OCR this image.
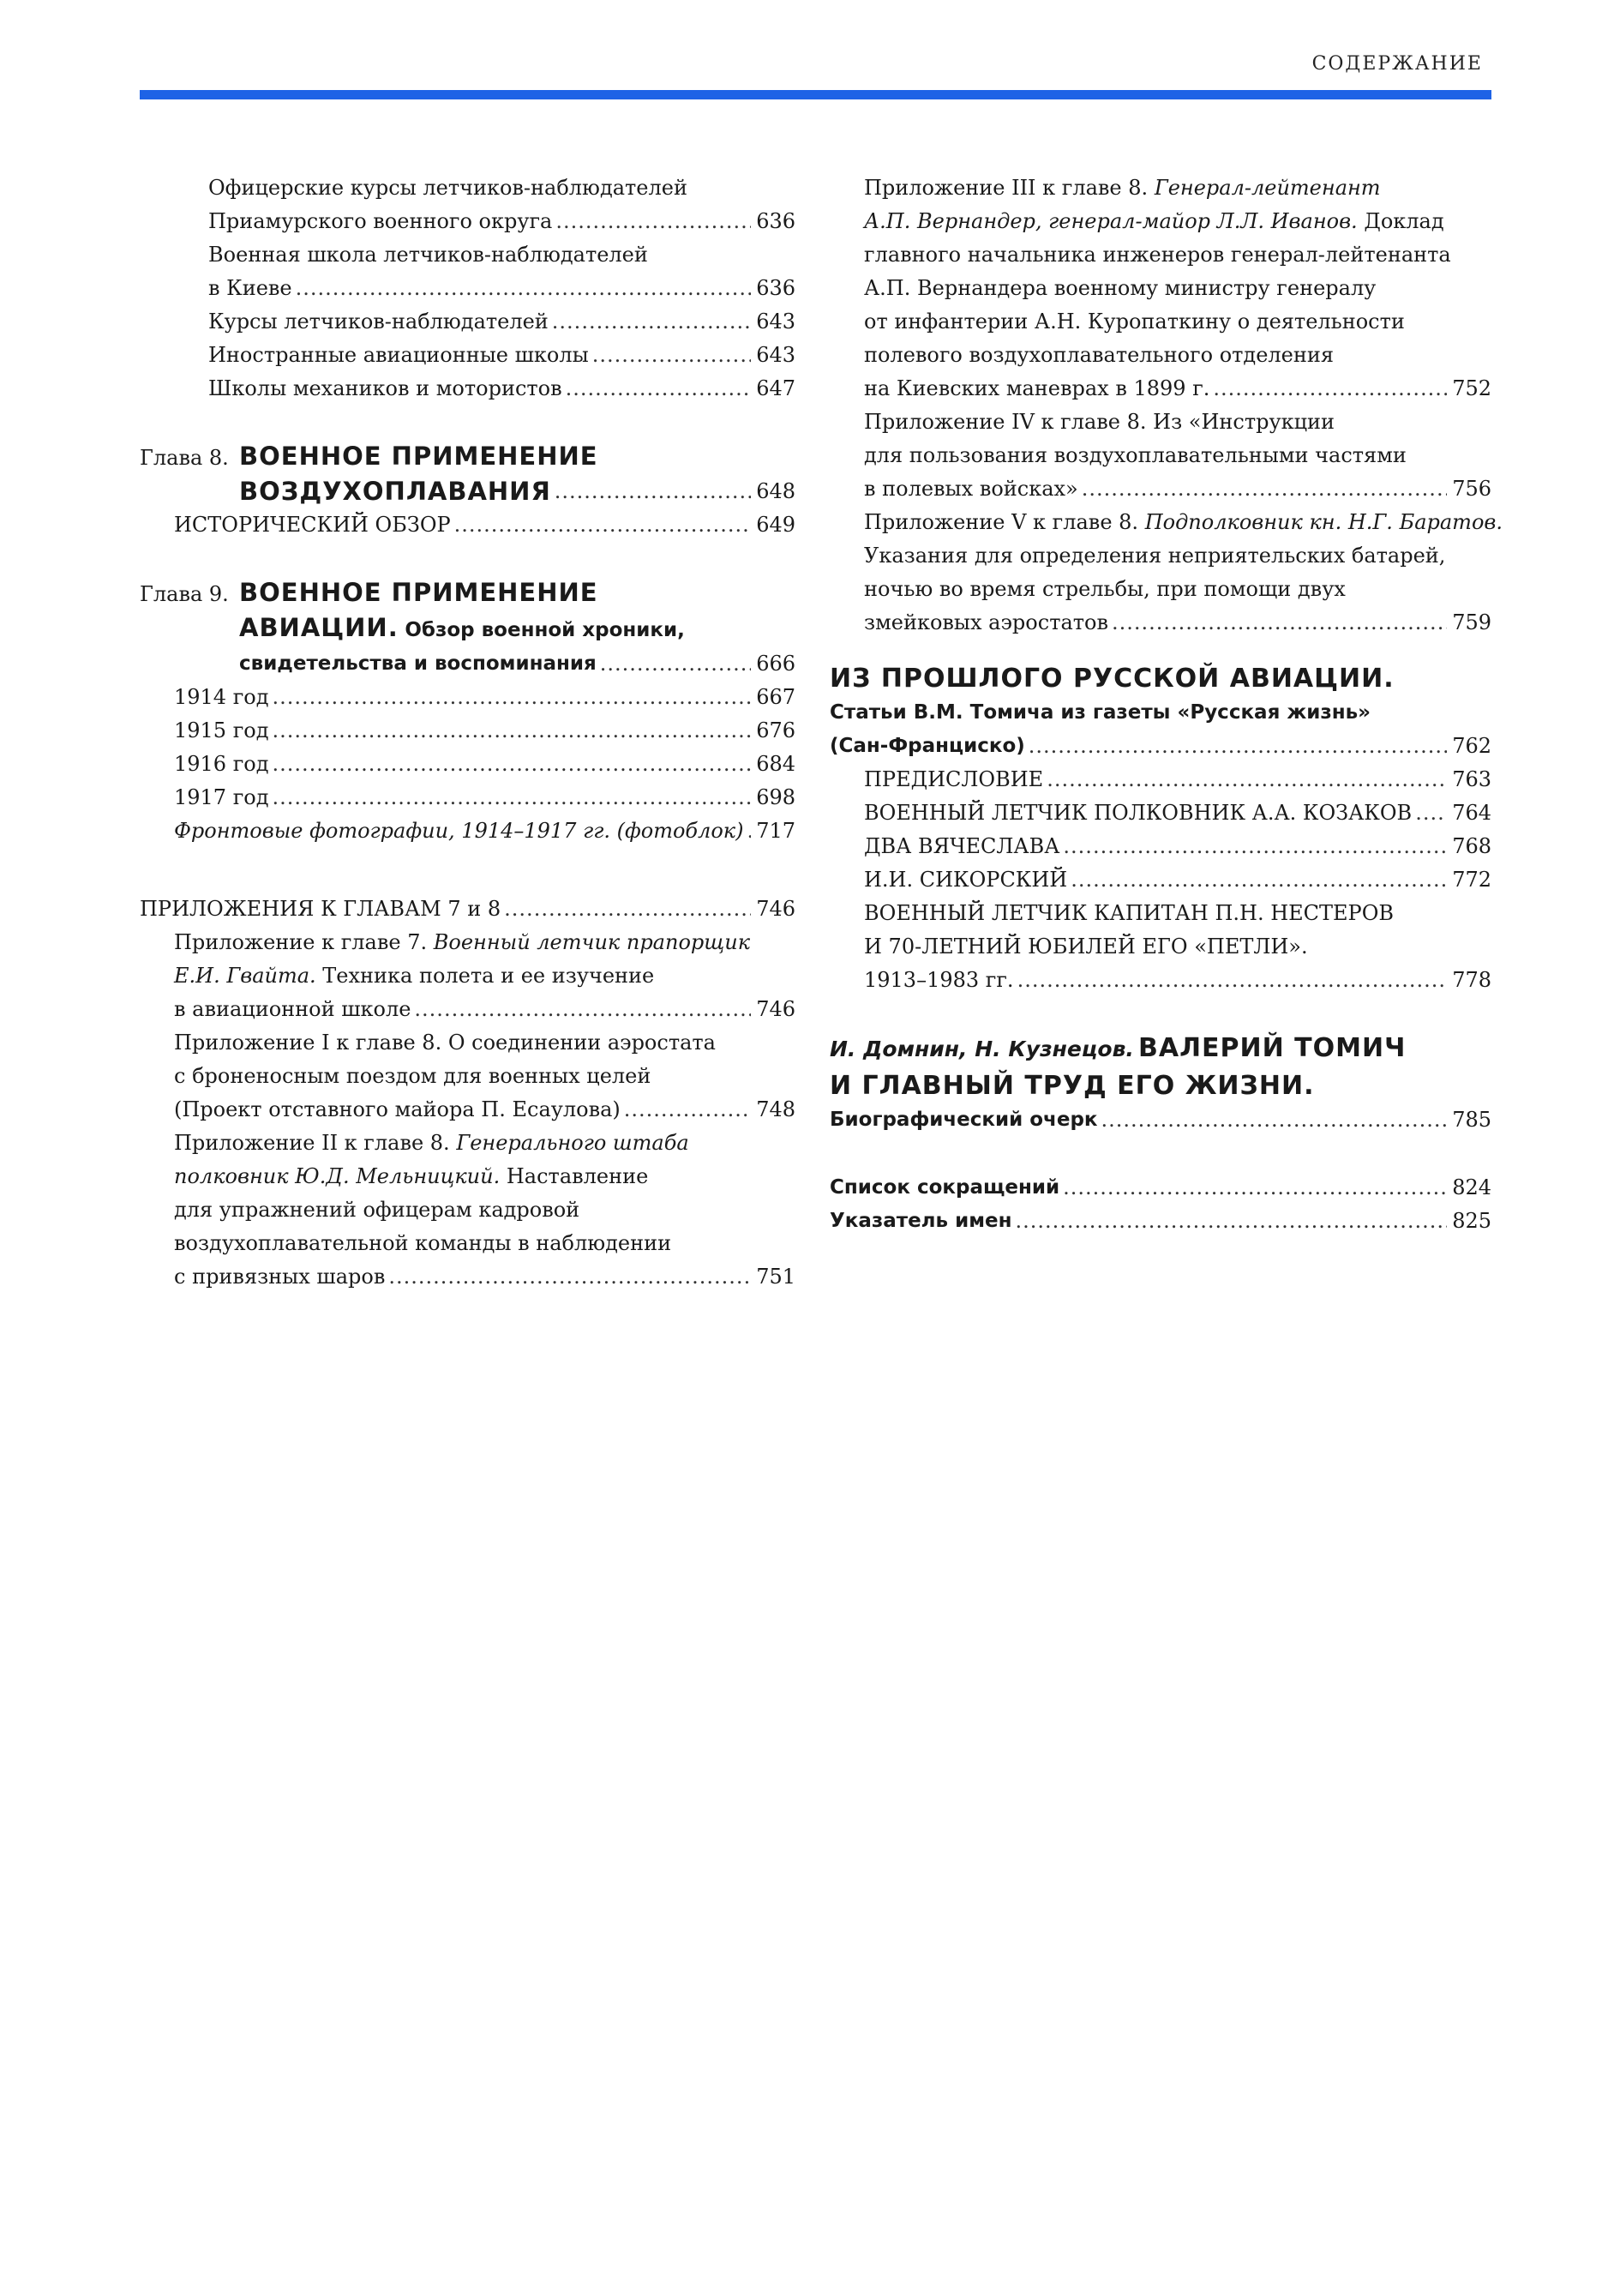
СОДЕРЖАНИЕ
Офицерские курсы летчиков-наблюдателей
Приамурского военного округа .....	636
Военная школа летчиков-наблюдателей
в Киеве .....	636
Курсы летчиков-наблюдателей .....	643
Иностранные авиационные школы .....	643
Школы механиков и мотористов .....	647
Глава 8. ВОЕННОЕ ПРИМЕНЕНИЕ
ВОЗДУХОПЛАВАНИЯ .....	648
ИСТОРИЧЕСКИЙ ОБЗОР .....	649
Глава 9. ВОЕННОЕ ПРИМЕНЕНИЕ
АВИАЦИИ. Обзор военной хроники,
свидетельства и воспоминания .....	666
1914 год .....	667
1915 год .....	676
1916 год .....	684
1917 год .....	698
Фронтовые фотографии, 1914–1917 гг. (фотоблок) ..... 717
ПРИЛОЖЕНИЯ К ГЛАВАМ 7 и 8 .....	746
Приложение к главе 7. Военный летчик прапорщик
Е.И. Гвайта. Техника полета и ее изучение
в авиационной школе .....	746
Приложение I к главе 8. О соединении аэростата
с броненосным поездом для военных целей
(Проект отставного майора П. Есаулова) .....	748
Приложение II к главе 8. Генерального штаба
полковник Ю.Д. Мельницкий. Наставление
для упражнений офицерам кадровой
воздухоплавательной команды в наблюдении
с привязных шаров .....	751
Приложение III к главе 8. Генерал-лейтенант
А.П. Вернандер, генерал-майор Л.Л. Иванов. Доклад
главного начальника инженеров генерал-лейтенанта
А.П. Вернандера военному министру генералу
от инфантерии А.Н. Куропаткину о деятельности
полевого воздухоплавательного отделения
на Киевских маневрах в 1899 г. .....	752
Приложение IV к главе 8. Из «Инструкции
для пользования воздухоплавательными частями
в полевых войсках» .....	756
Приложение V к главе 8. Подполковник кн. Н.Г. Баратов.
Указания для определения неприятельских батарей,
ночью во время стрельбы, при помощи двух
змейковых аэростатов .....	759
ИЗ ПРОШЛОГО РУССКОЙ АВИАЦИИ.
Статьи В.М. Томича из газеты «Русская жизнь»
(Сан-Франциско) .....	762
ПРЕДИСЛОВИЕ .....	763
ВОЕННЫЙ ЛЕТЧИК ПОЛКОВНИК А.А. КОЗАКОВ ..... 764
ДВА ВЯЧЕСЛАВА .....	768
И.И. СИКОРСКИЙ .....	772
ВОЕННЫЙ ЛЕТЧИК КАПИТАН П.Н. НЕСТЕРОВ
И 70-ЛЕТНИЙ ЮБИЛЕЙ ЕГО «ПЕТЛИ».
1913–1983 гг. .....	778
И. Домнин, Н. Кузнецов. ВАЛЕРИЙ ТОМИЧ
И ГЛАВНЫЙ ТРУД ЕГО ЖИЗНИ.
Биографический очерк .....	785
Список сокращений .....	824
Указатель имен .....	825
